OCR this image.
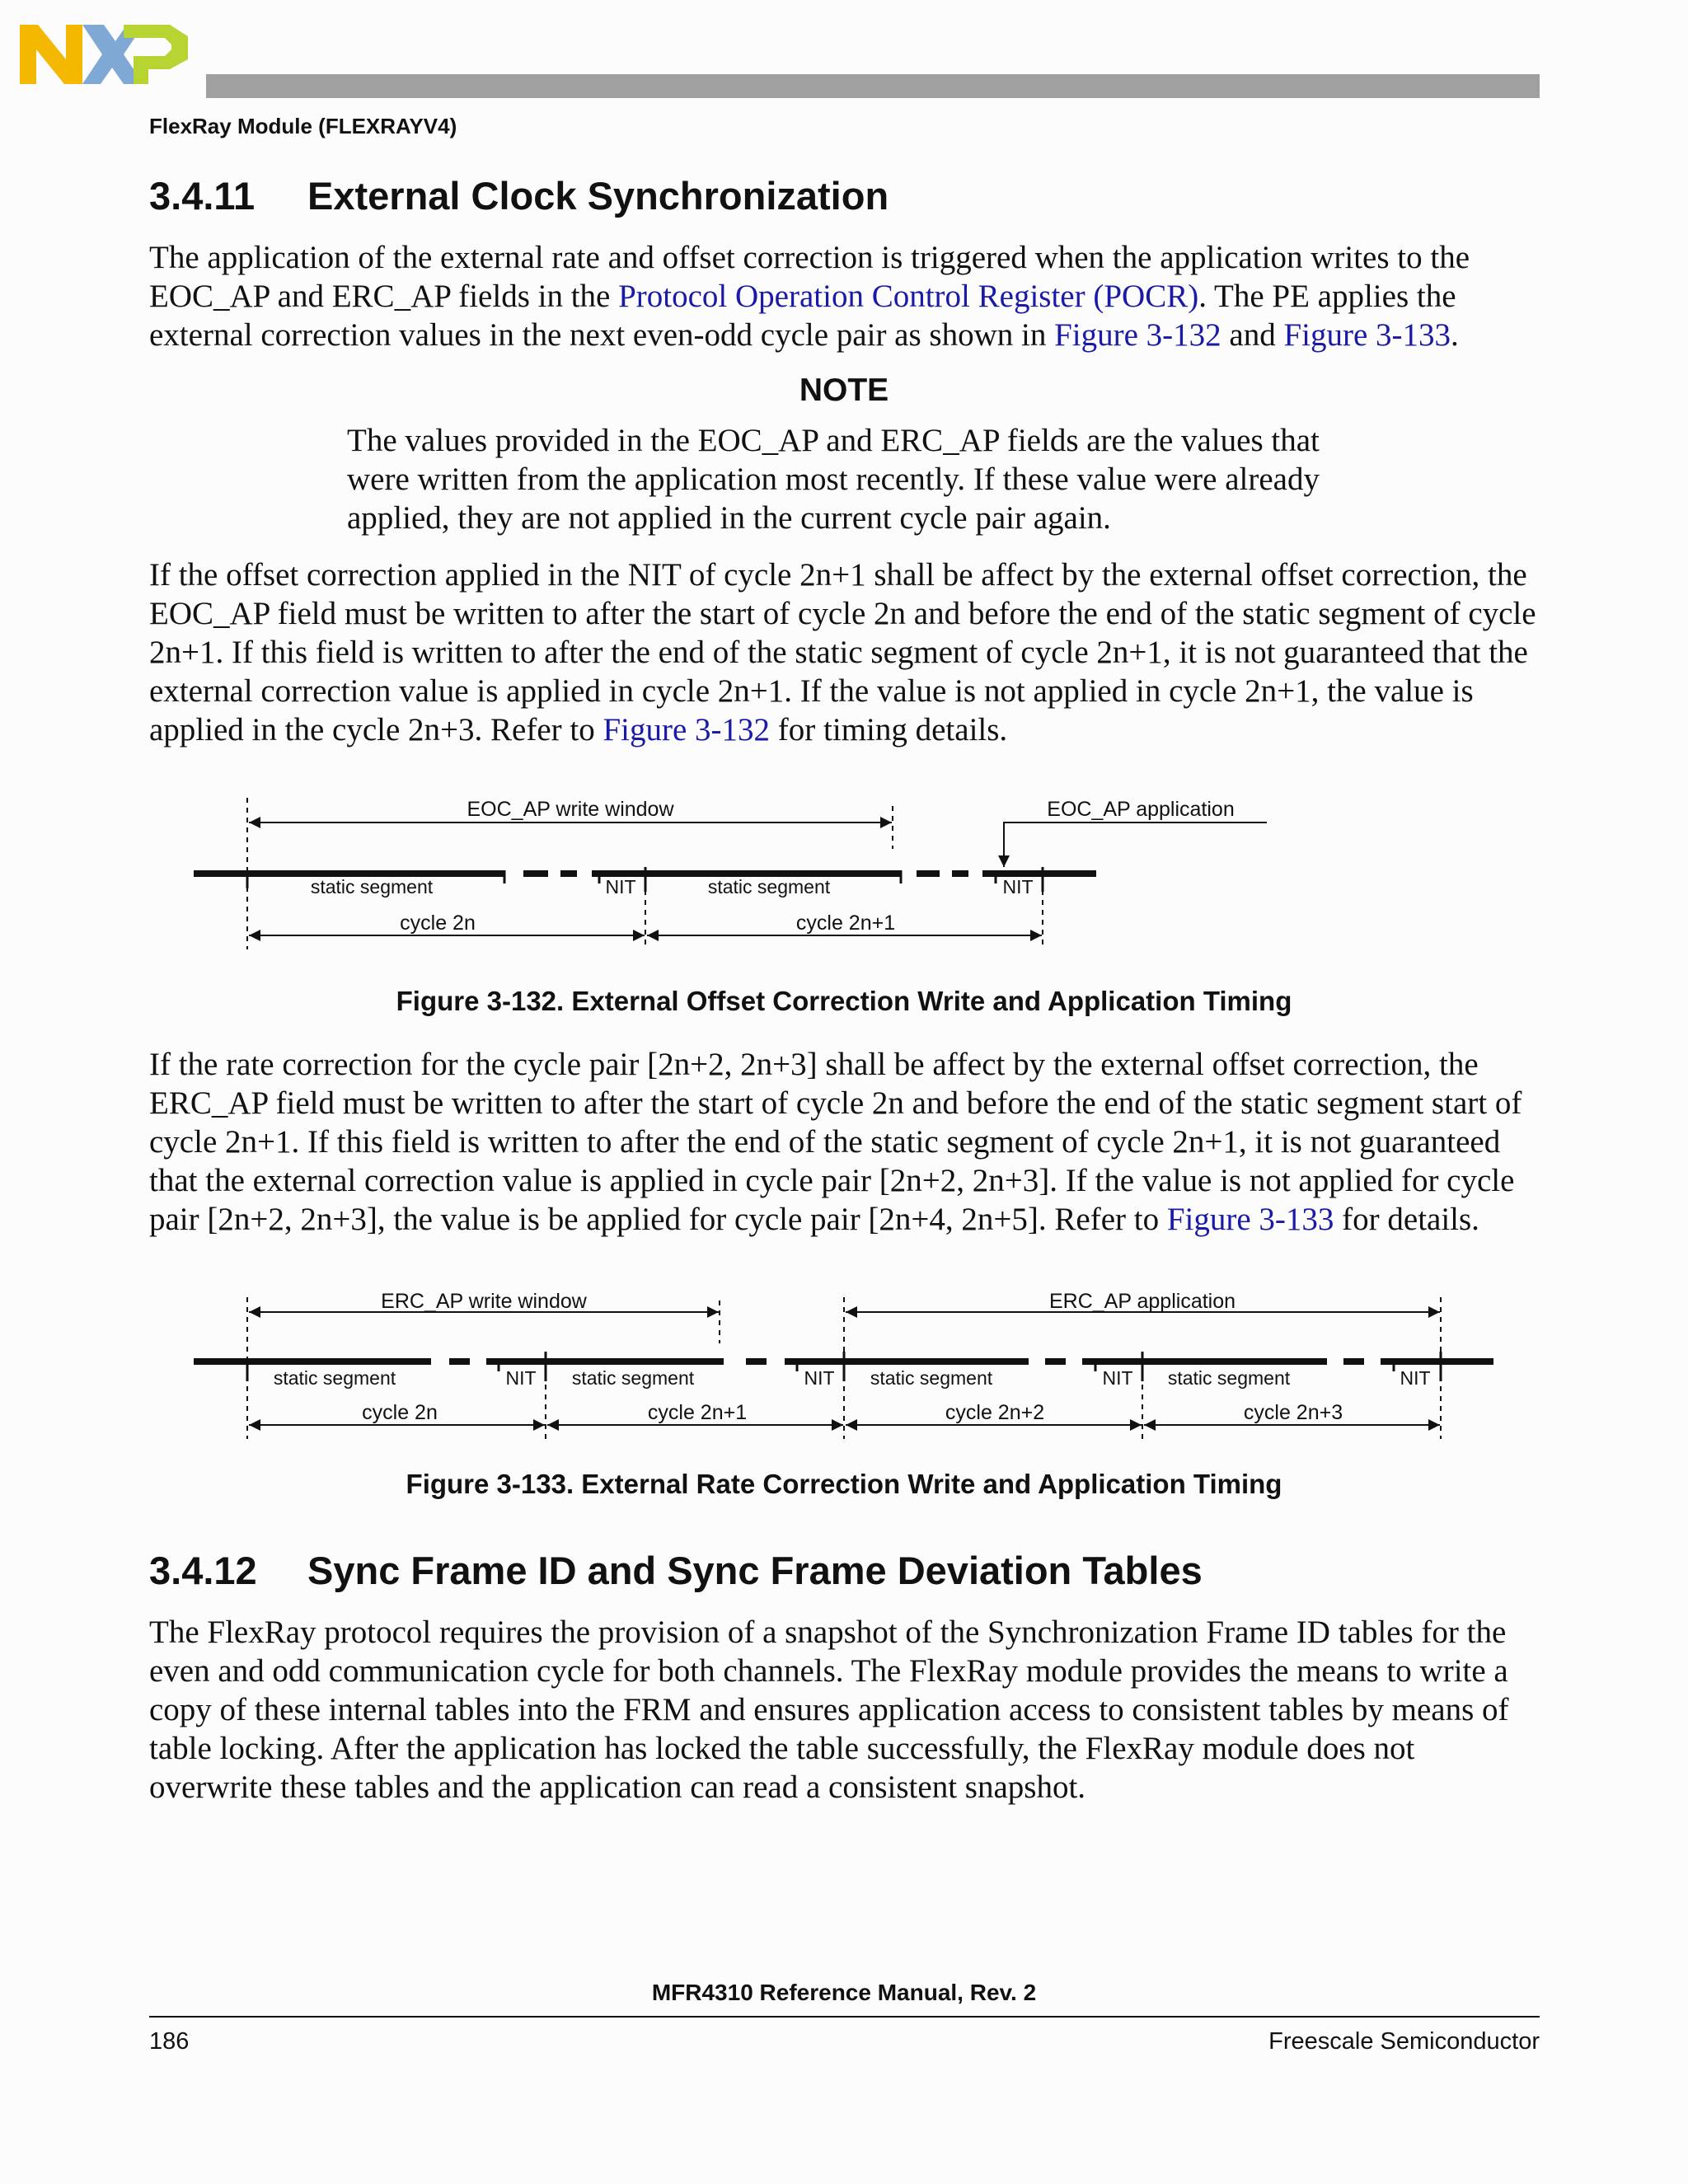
FlexRay Module (FLEXRAYV4)
3.4.11 External Clock Synchronization

The application of the external rate and offset correction is triggered when the application writes to the EOC_AP and ERC_AP fields in the Protocol Operation Control Register (POCR). The PE applies the external correction values in the next even-odd cycle pair as shown in Figure 3-132 and Figure 3-133.

NOTE

The values provided in the EOC_AP and ERC_AP fields are the values that were written from the application most recently. If these value were already applied, they are not applied in the current cycle pair again.

If the offset correction applied in the NIT of cycle 2n+1 shall be affect by the external offset correction, the EOC_AP field must be written to after the start of cycle 2n and before the end of the static segment of cycle 2n+1. If this field is written to after the end of the static segment of cycle 2n+1, it is not guaranteed that the external correction value is applied in cycle 2n+1. If the value is not applied in cycle 2n+1, the value is applied in the cycle 2n+3. Refer to Figure 3-132 for timing details.

EOC_AP write window	EOC_AP application
static segment	NIT	static segment	NIT
cycle 2n	cycle 2n+1
Figure 3-132. External Offset Correction Write and Application Timing

If the rate correction for the cycle pair [2n+2, 2n+3] shall be affect by the external offset correction, the ERC_AP field must be written to after the start of cycle 2n and before the end of the static segment start of cycle 2n+1. If this field is written to after the end of the static segment of cycle 2n+1, it is not guaranteed that the external correction value is applied in cycle pair [2n+2, 2n+3]. If the value is not applied for cycle pair [2n+2, 2n+3], the value is be applied for cycle pair [2n+4, 2n+5]. Refer to Figure 3-133 for details.

ERC_AP write window	ERC_AP application
static segment	NIT static segment	NIT static segment	NIT static segment	NIT
cycle 2n	cycle 2n+1	cycle 2n+2	cycle 2n+3
Figure 3-133. External Rate Correction Write and Application Timing
3.4.12 Sync Frame ID and Sync Frame Deviation Tables

The FlexRay protocol requires the provision of a snapshot of the Synchronization Frame ID tables for the even and odd communication cycle for both channels. The FlexRay module provides the means to write a copy of these internal tables into the FRM and ensures application access to consistent tables by means of table locking. After the application has locked the table successfully, the FlexRay module does not overwrite these tables and the application can read a consistent snapshot.

MFR4310 Reference Manual, Rev. 2
186	Freescale Semiconductor
